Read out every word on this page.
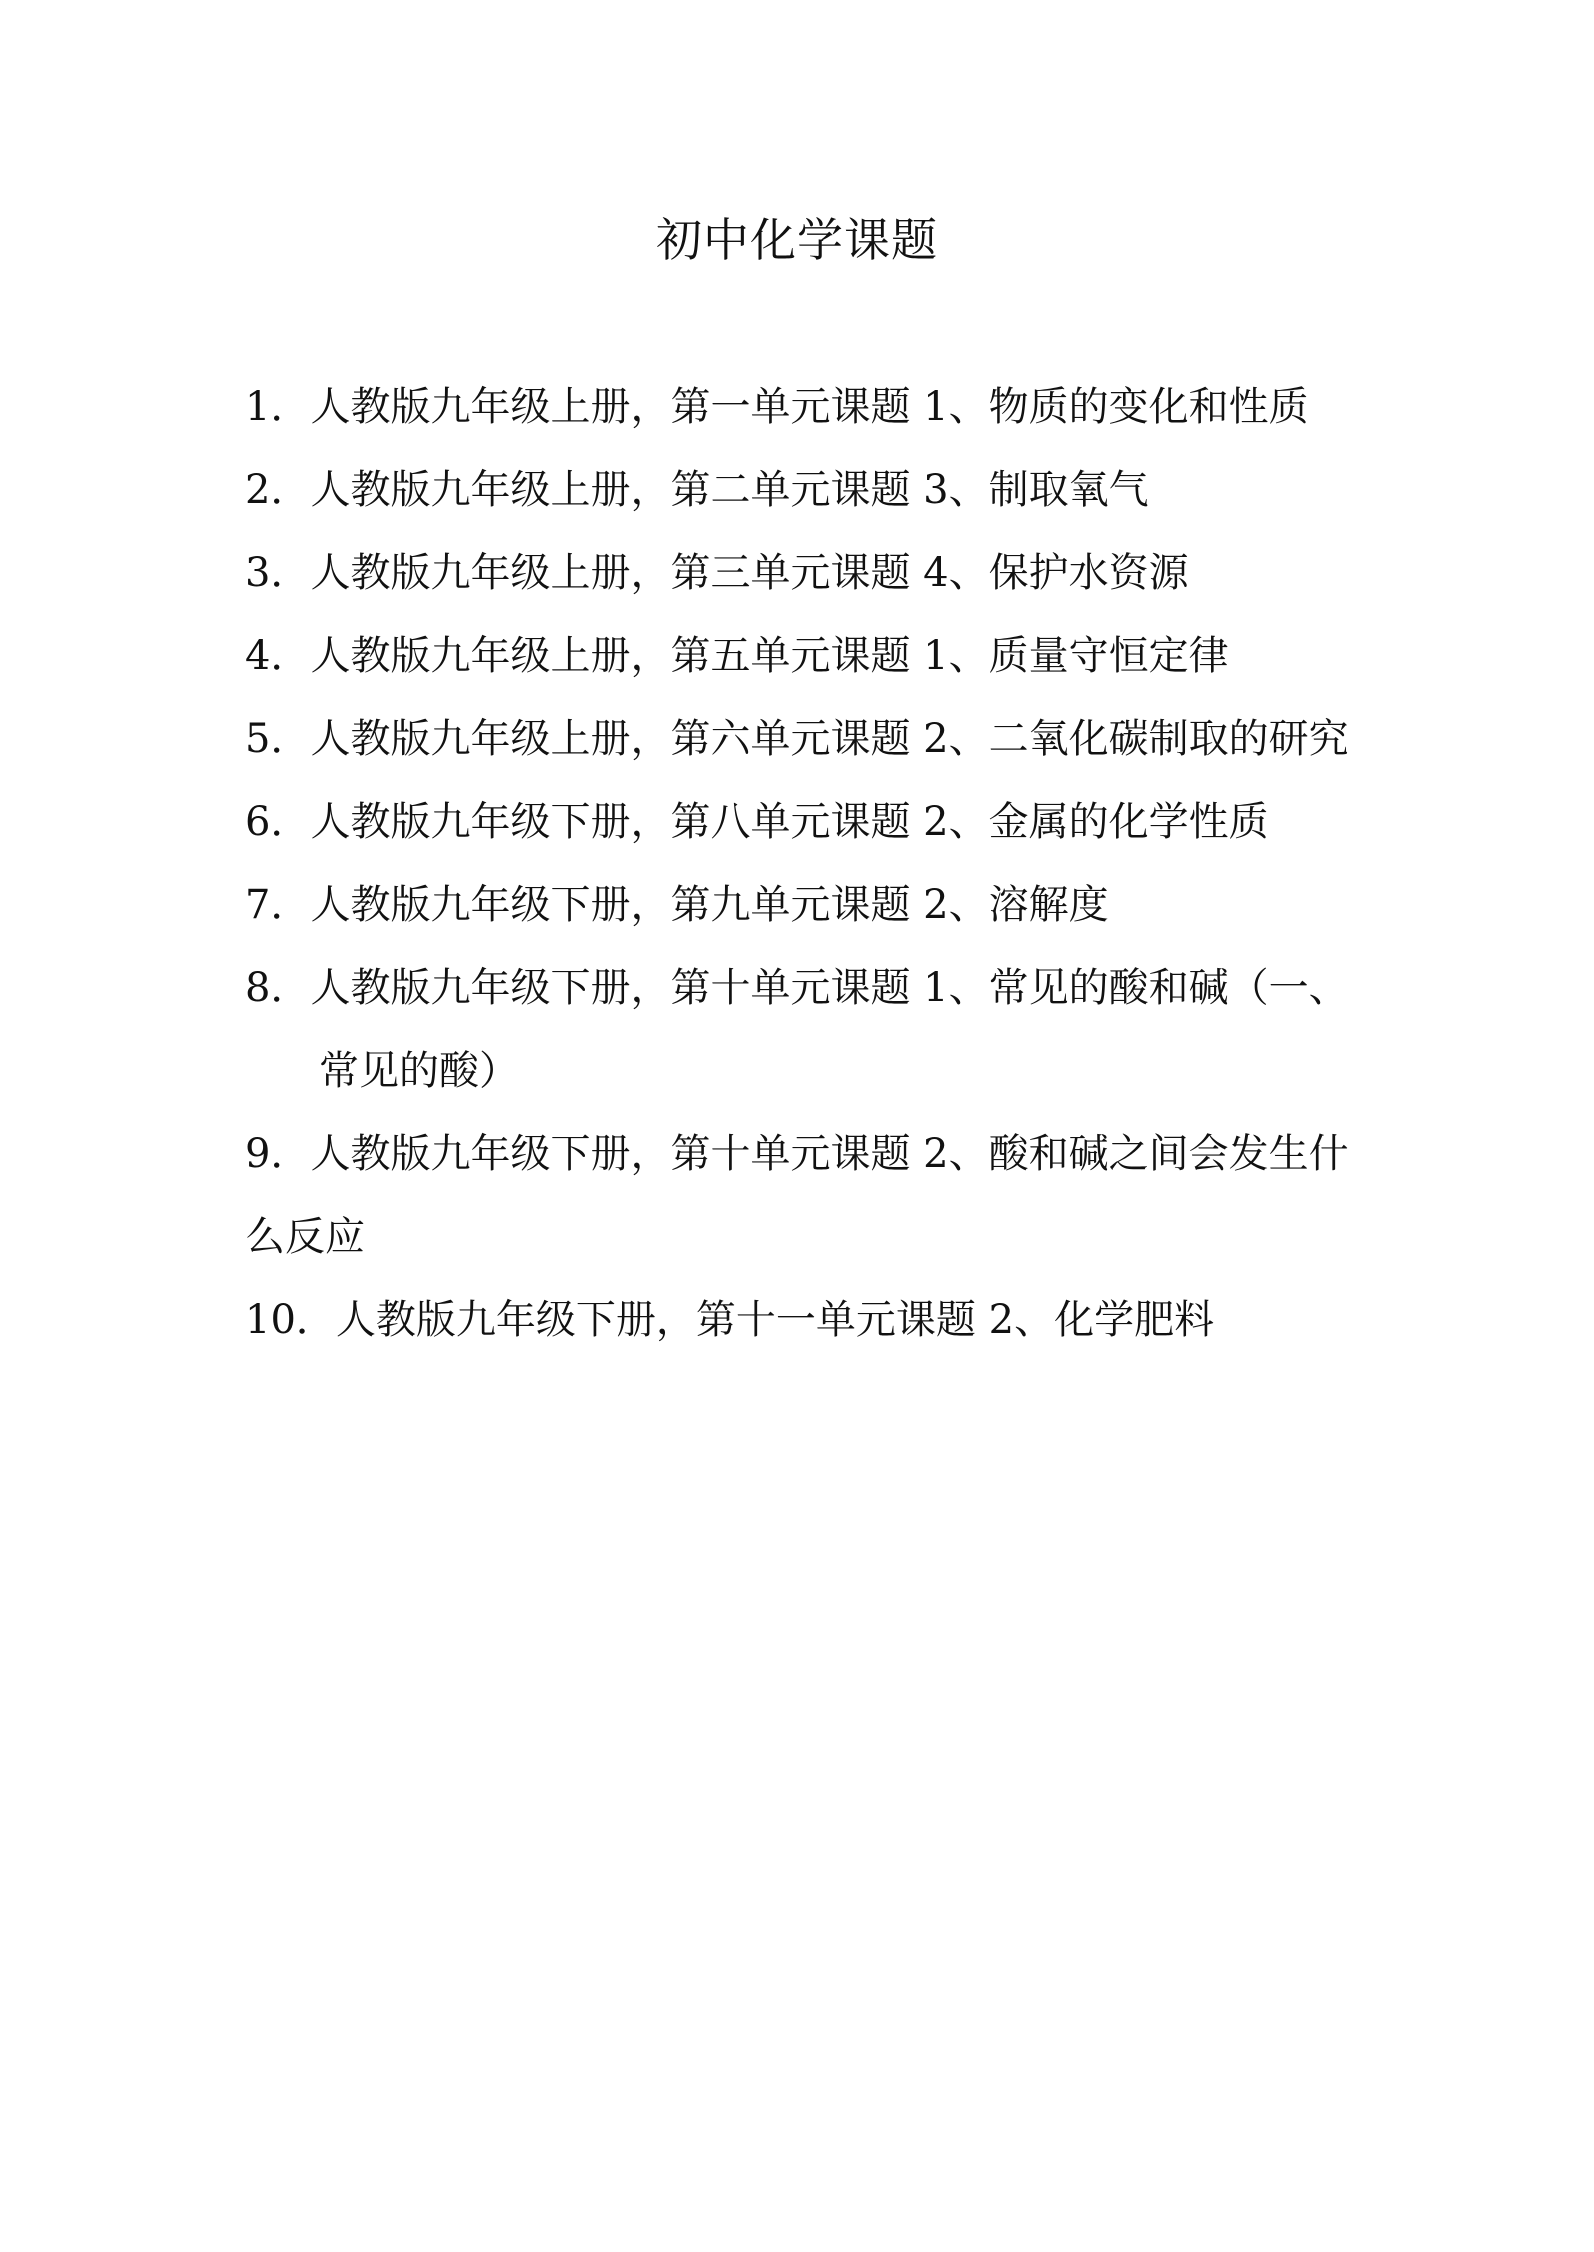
初中化学课题
1．人教版九年级上册，第一单元课题 1、物质的变化和性质
2．人教版九年级上册，第二单元课题 3、制取氧气
3．人教版九年级上册，第三单元课题 4、保护水资源
4．人教版九年级上册，第五单元课题 1、质量守恒定律
5．人教版九年级上册，第六单元课题 2、二氧化碳制取的研究
6．人教版九年级下册，第八单元课题 2、金属的化学性质
7．人教版九年级下册，第九单元课题 2、溶解度
8．人教版九年级下册，第十单元课题 1、常见的酸和碱（一、常见的酸）
9．人教版九年级下册，第十单元课题 2、酸和碱之间会发生什么反应
10．人教版九年级下册，第十一单元课题 2、化学肥料
